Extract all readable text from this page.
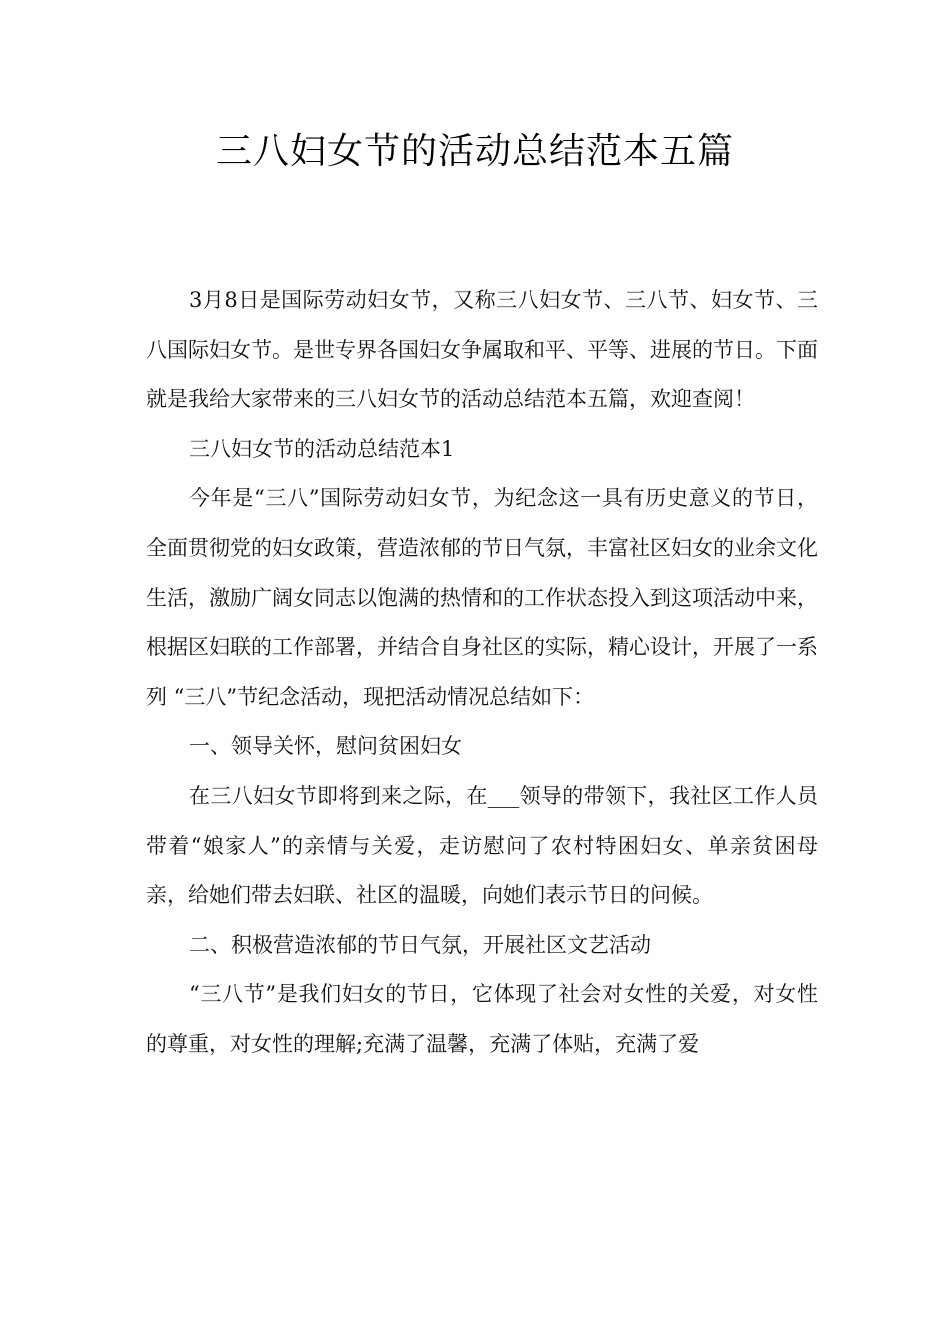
三八妇女节的活动总结范本五篇

3月8日是国际劳动妇女节，又称三八妇女节、三八节、妇女节、三八国际妇女节。是世专界各国妇女争属取和平、平等、进展的节日。下面就是我给大家带来的三八妇女节的活动总结范本五篇，欢迎查阅！

三八妇女节的活动总结范本1

今年是“三八”国际劳动妇女节，为纪念这一具有历史意义的节日，全面贯彻党的妇女政策，营造浓郁的节日气氛，丰富社区妇女的业余文化生活，激励广阔女同志以饱满的热情和的工作状态投入到这项活动中来，根据区妇联的工作部署，并结合自身社区的实际，精心设计，开展了一系列 “三八”节纪念活动，现把活动情况总结如下：

一、领导关怀，慰问贫困妇女

在三八妇女节即将到来之际，在___领导的带领下，我社区工作人员带着“娘家人”的亲情与关爱，走访慰问了农村特困妇女、单亲贫困母亲，给她们带去妇联、社区的温暖，向她们表示节日的问候。

二、积极营造浓郁的节日气氛，开展社区文艺活动

“三八节”是我们妇女的节日，它体现了社会对女性的关爱，对女性的尊重，对女性的理解;充满了温馨，充满了体贴，充满了爱
